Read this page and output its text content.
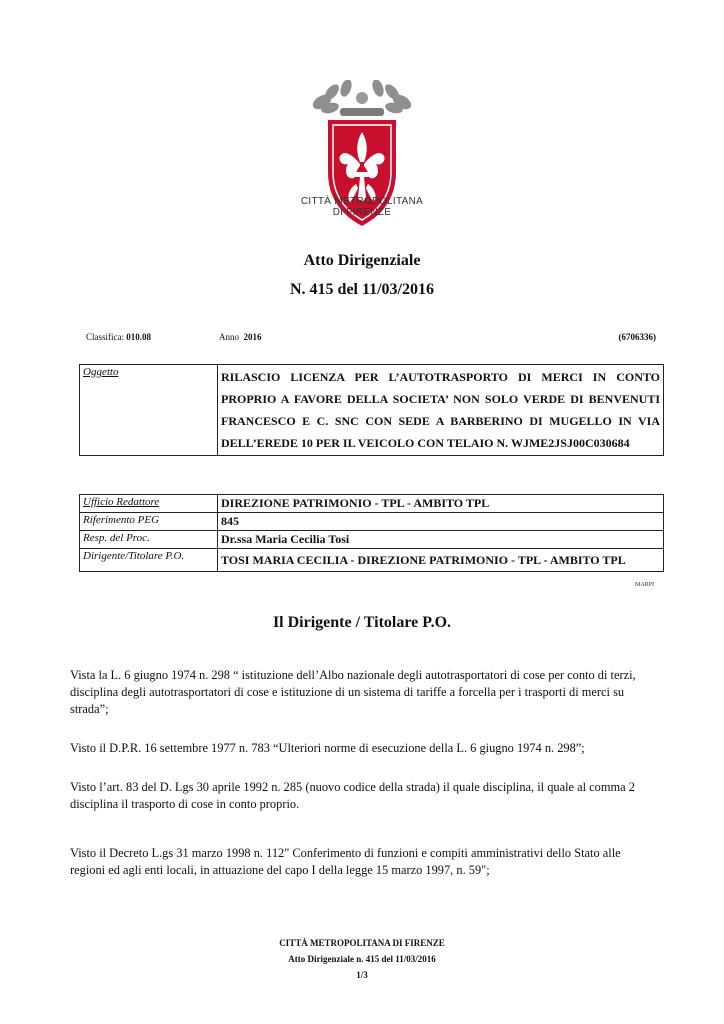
CITTÀ METROPOLITANA
DI FIRENZE
Atto Dirigenziale
N. 415 del 11/03/2016
Classifica: 010.08	Anno 2016	(6706336)
Oggetto	RILASCIO LICENZA PER L’AUTOTRASPORTO DI MERCI IN CONTO PROPRIO A FAVORE DELLA SOCIETA’ NON SOLO VERDE DI BENVENUTI FRANCESCO E C. SNC CON SEDE A BARBERINO DI MUGELLO IN VIA DELL’EREDE 10 PER IL VEICOLO CON TELAIO N. WJME2JSJ00C030684
Ufficio Redattore	DIREZIONE PATRIMONIO - TPL - AMBITO TPL
Riferimento PEG	845
Resp. del Proc.	Dr.ssa Maria Cecilia Tosi
Dirigente/Titolare P.O.	TOSI MARIA CECILIA - DIREZIONE PATRIMONIO - TPL - AMBITO TPL
MARPI
Il Dirigente / Titolare P.O.
Vista la L. 6 giugno 1974 n. 298 “ istituzione dell’Albo nazionale degli autotrasportatori di cose per conto di terzi, disciplina degli autotrasportatori di cose e istituzione di un sistema di tariffe a forcella per i trasporti di merci su strada”;
Visto il D.P.R. 16 settembre 1977 n. 783 “Ulteriori norme di esecuzione della L. 6 giugno 1974 n. 298”;
Visto l’art. 83 del D. Lgs 30 aprile 1992 n. 285 (nuovo codice della strada) il quale disciplina, il quale al comma 2 disciplina il trasporto di cose in conto proprio.
Visto il Decreto L.gs 31 marzo 1998 n. 112" Conferimento di funzioni e compiti amministrativi dello Stato alle regioni ed agli enti locali, in attuazione del capo I della legge 15 marzo 1997, n. 59";
CITTÀ METROPOLITANA DI FIRENZE
Atto Dirigenziale n. 415 del 11/03/2016
1/3
